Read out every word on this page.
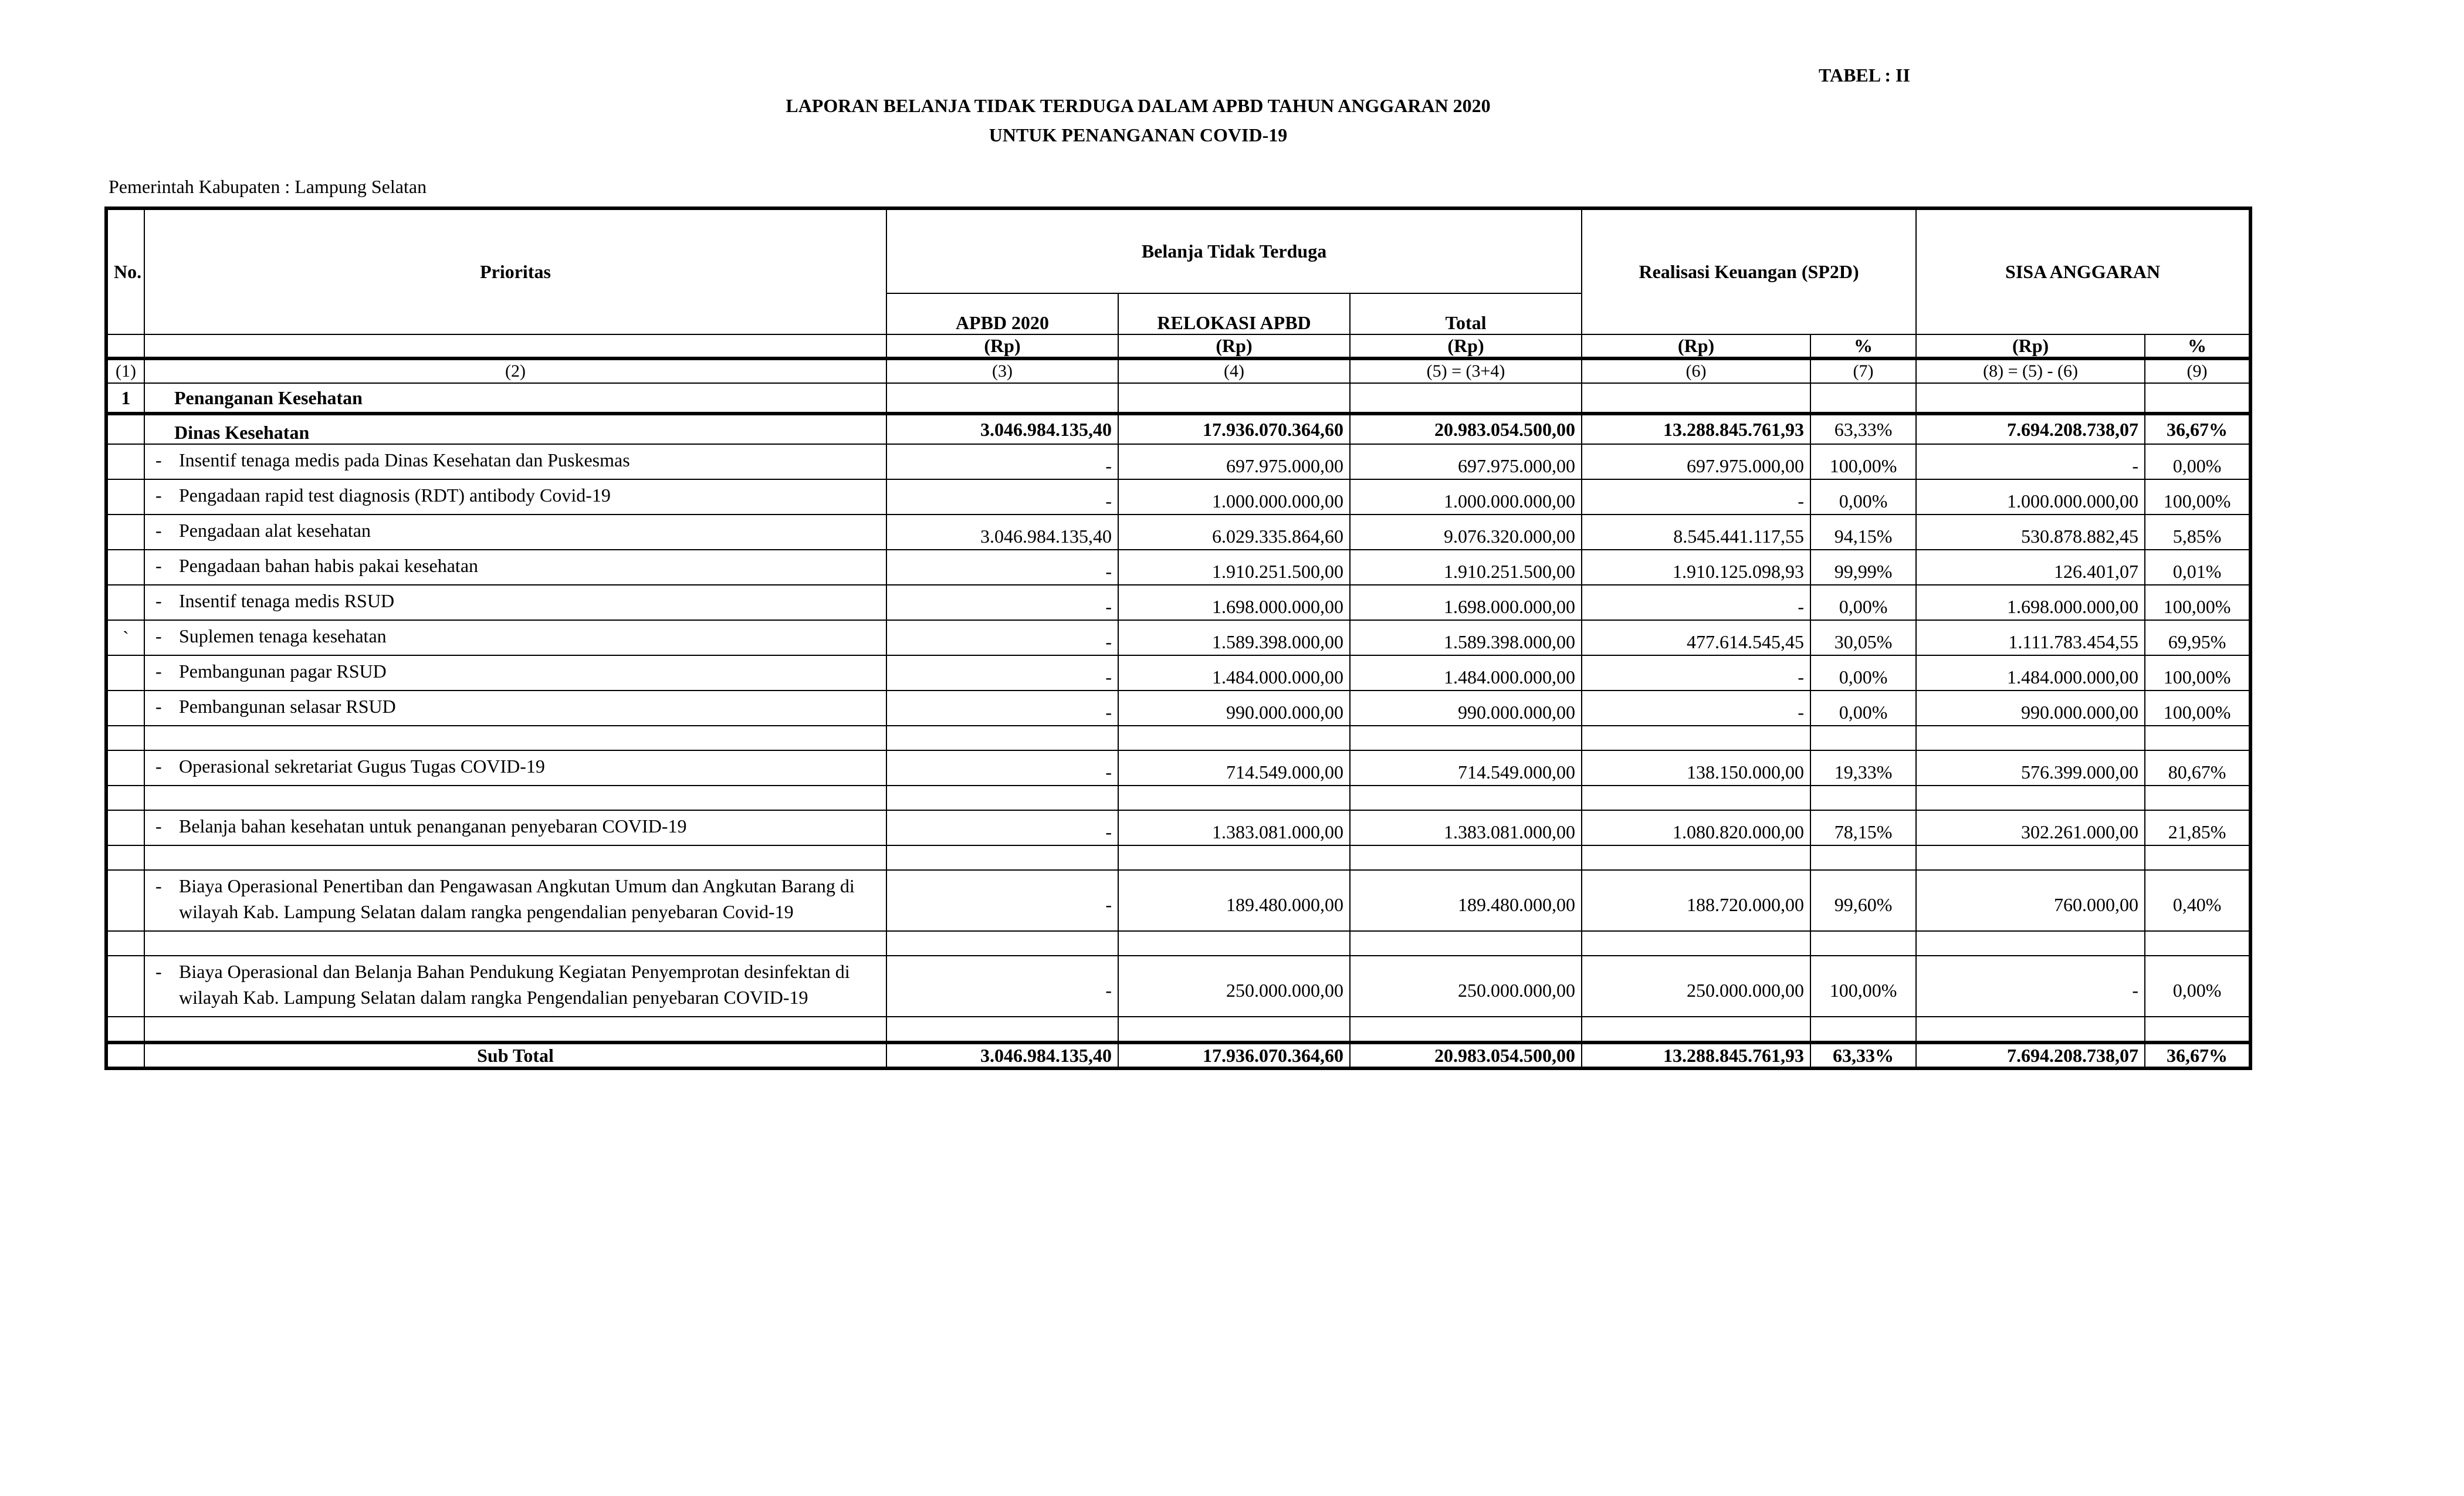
TABEL : II
LAPORAN BELANJA TIDAK TERDUGA DALAM APBD TAHUN ANGGARAN 2020
UNTUK PENANGANAN COVID-19
Pemerintah Kabupaten : Lampung Selatan
No.	Prioritas	Belanja Tidak Terduga			Realisasi Keuangan (SP2D)		SISA ANGGARAN	
		APBD 2020	RELOKASI APBD	Total				
		(Rp)	(Rp)	(Rp)	(Rp)	%	(Rp)	%
(1)	(2)	(3)	(4)	(5) = (3+4)	(6)	(7)	(8) = (5) - (6)	(9)
1	Penanganan Kesehatan							
	Dinas Kesehatan	3.046.984.135,40	17.936.070.364,60	20.983.054.500,00	13.288.845.761,93	63,33%	7.694.208.738,07	36,67%

	- Insentif tenaga medis pada Dinas Kesehatan dan Puskesmas	-	697.975.000,00	697.975.000,00	697.975.000,00	100,00%	-	0,00%

	- Pengadaan rapid test diagnosis (RDT) antibody Covid-19	-	1.000.000.000,00	1.000.000.000,00	-	0,00%	1.000.000.000,00	100,00%

	- Pengadaan alat kesehatan	3.046.984.135,40	6.029.335.864,60	9.076.320.000,00	8.545.441.117,55	94,15%	530.878.882,45	5,85%

	- Pengadaan bahan habis pakai kesehatan	-	1.910.251.500,00	1.910.251.500,00	1.910.125.098,93	99,99%	126.401,07	0,01%

	- Insentif tenaga medis RSUD	-	1.698.000.000,00	1.698.000.000,00	-	0,00%	1.698.000.000,00	100,00%
`	- Suplemen tenaga kesehatan	-	1.589.398.000,00	1.589.398.000,00	477.614.545,45	30,05%	1.111.783.454,55	69,95%

	- Pembangunan pagar RSUD	-	1.484.000.000,00	1.484.000.000,00	-	0,00%	1.484.000.000,00	100,00%

	- Pembangunan selasar RSUD	-	990.000.000,00	990.000.000,00	-	0,00%	990.000.000,00	100,00%

	- Operasional sekretariat Gugus Tugas COVID-19	-	714.549.000,00	714.549.000,00	138.150.000,00	19,33%	576.399.000,00	80,67%

	- Belanja bahan kesehatan untuk penanganan penyebaran COVID-19	-	1.383.081.000,00	1.383.081.000,00	1.080.820.000,00	78,15%	302.261.000,00	21,85%

	- Biaya Operasional Penertiban dan Pengawasan Angkutan Umum dan Angkutan Barang di wilayah Kab. Lampung Selatan dalam rangka pengendalian penyebaran Covid-19	-	189.480.000,00	189.480.000,00	188.720.000,00	99,60%	760.000,00	0,40%

	- Biaya Operasional dan Belanja Bahan Pendukung Kegiatan Penyemprotan desinfektan di wilayah Kab. Lampung Selatan dalam rangka Pengendalian penyebaran COVID-19	-	250.000.000,00	250.000.000,00	250.000.000,00	100,00%	-	0,00%

	Sub Total	3.046.984.135,40	17.936.070.364,60	20.983.054.500,00	13.288.845.761,93	63,33%	7.694.208.738,07	36,67%
